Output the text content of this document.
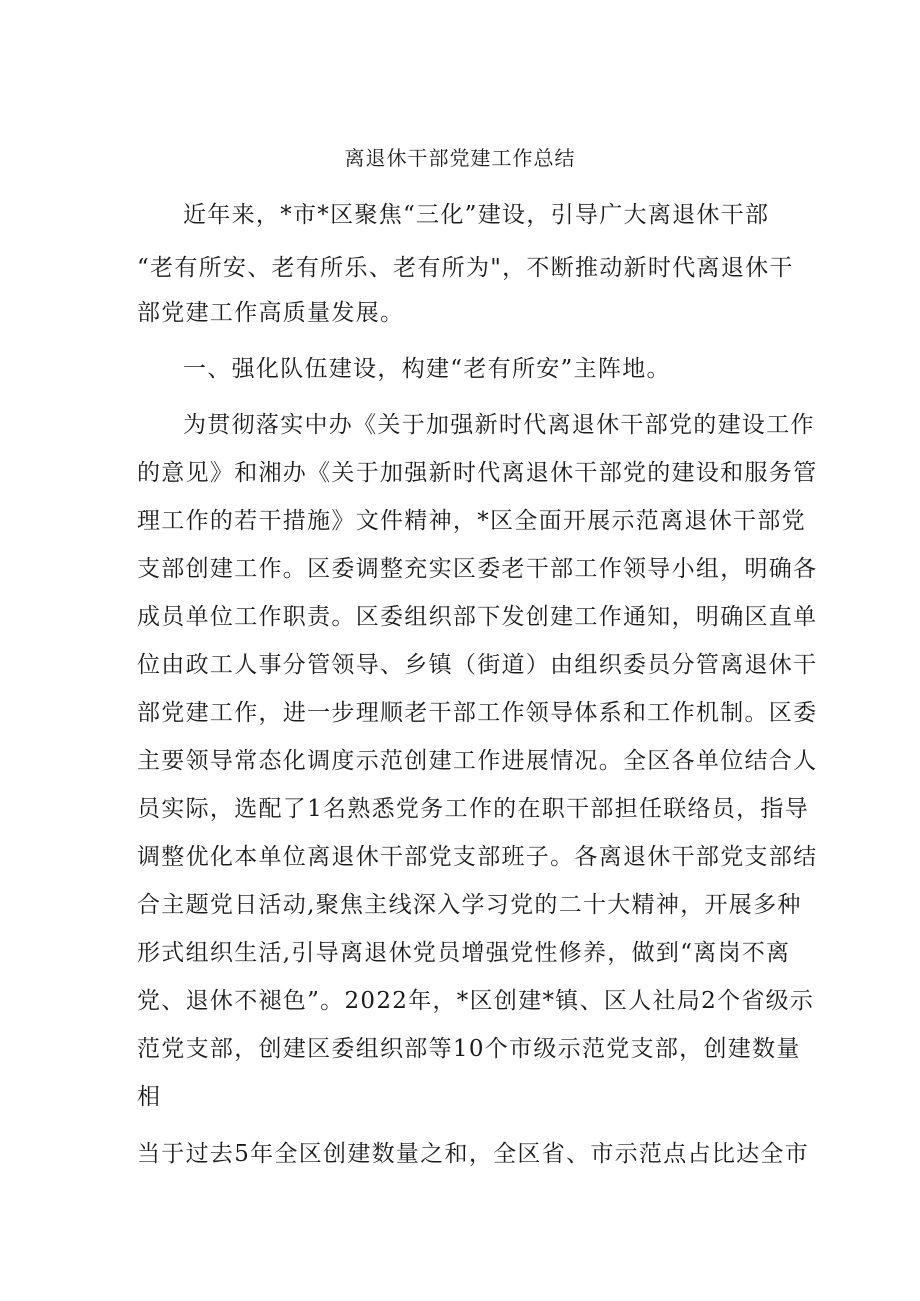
离退休干部党建工作总结
近年来，*市*区聚焦“三化”建设，引导广大离退休干部
“老有所安、老有所乐、老有所为"，不断推动新时代离退休干
部党建工作高质量发展。
一、强化队伍建设，构建“老有所安”主阵地。
为贯彻落实中办《关于加强新时代离退休干部党的建设工作
的意见》和湘办《关于加强新时代离退休干部党的建设和服务管
理工作的若干措施》文件精神，*区全面开展示范离退休干部党
支部创建工作。区委调整充实区委老干部工作领导小组，明确各
成员单位工作职责。区委组织部下发创建工作通知，明确区直单
位由政工人事分管领导、乡镇（街道）由组织委员分管离退休干
部党建工作，进一步理顺老干部工作领导体系和工作机制。区委
主要领导常态化调度示范创建工作进展情况。全区各单位结合人
员实际，选配了1名熟悉党务工作的在职干部担任联络员，指导
调整优化本单位离退休干部党支部班子。各离退休干部党支部结
合主题党日活动,聚焦主线深入学习党的二十大精神，开展多种
形式组织生活,引导离退休党员增强党性修养，做到“离岗不离
党、退休不褪色”。2022年，*区创建*镇、区人社局2个省级示
范党支部，创建区委组织部等10个市级示范党支部，创建数量
相
当于过去5年全区创建数量之和，全区省、市示范点占比达全市
